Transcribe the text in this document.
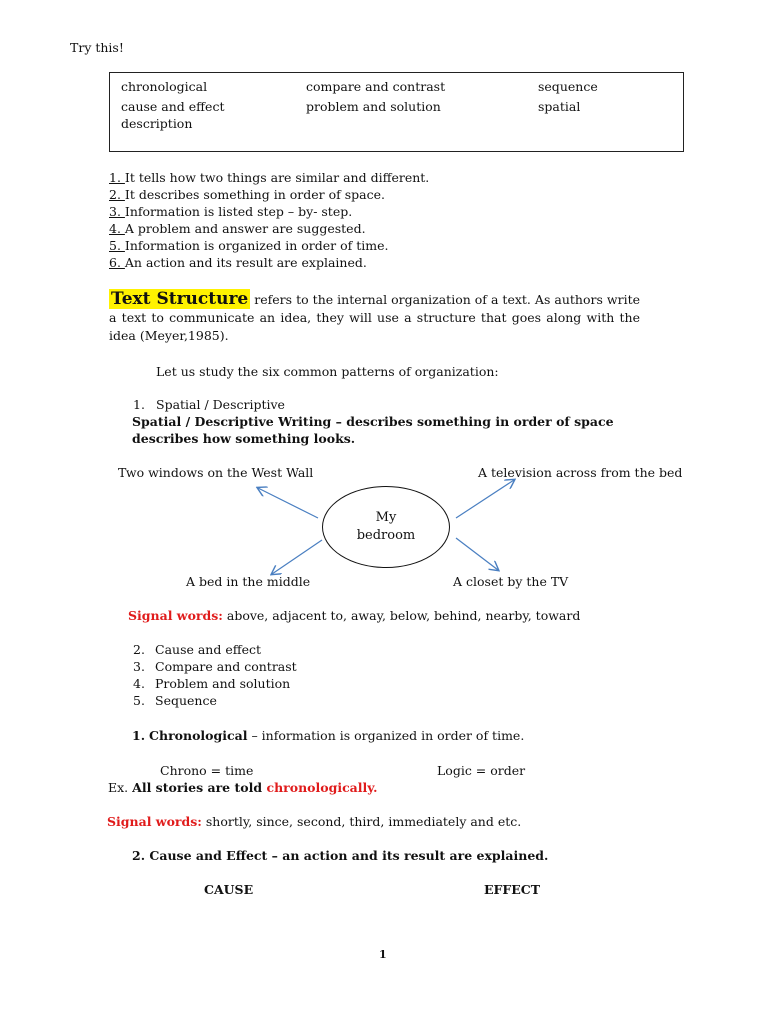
Try this!
chronological	compare and contrast	sequence
cause and effect	problem and solution	spatial
description
1. It tells how two things are similar and different.
2. It describes something in order of space.
3. Information is listed step – by- step.
4. A problem and answer are suggested.
5. Information is organized in order of time.
6. An action and its result are explained.
Text Structure refers to the internal organization of a text. As authors write a text to communicate an idea, they will use a structure that goes along with the idea (Meyer,1985).
Let us study the six common patterns of organization:
1. Spatial / Descriptive
Spatial / Descriptive Writing – describes something in order of space
describes how something looks.
Two windows on the West Wall	A television across from the bed
My
bedroom
A bed in the middle	A closet by the TV
Signal words: above, adjacent to, away, below, behind, nearby, toward
2. Cause and effect
3. Compare and contrast
4. Problem and solution
5. Sequence
1. Chronological – information is organized in order of time.
Chrono = time	Logic = order
Ex. All stories are told chronologically.
Signal words: shortly, since, second, third, immediately and etc.
2. Cause and Effect – an action and its result are explained.
CAUSE	EFFECT
1
